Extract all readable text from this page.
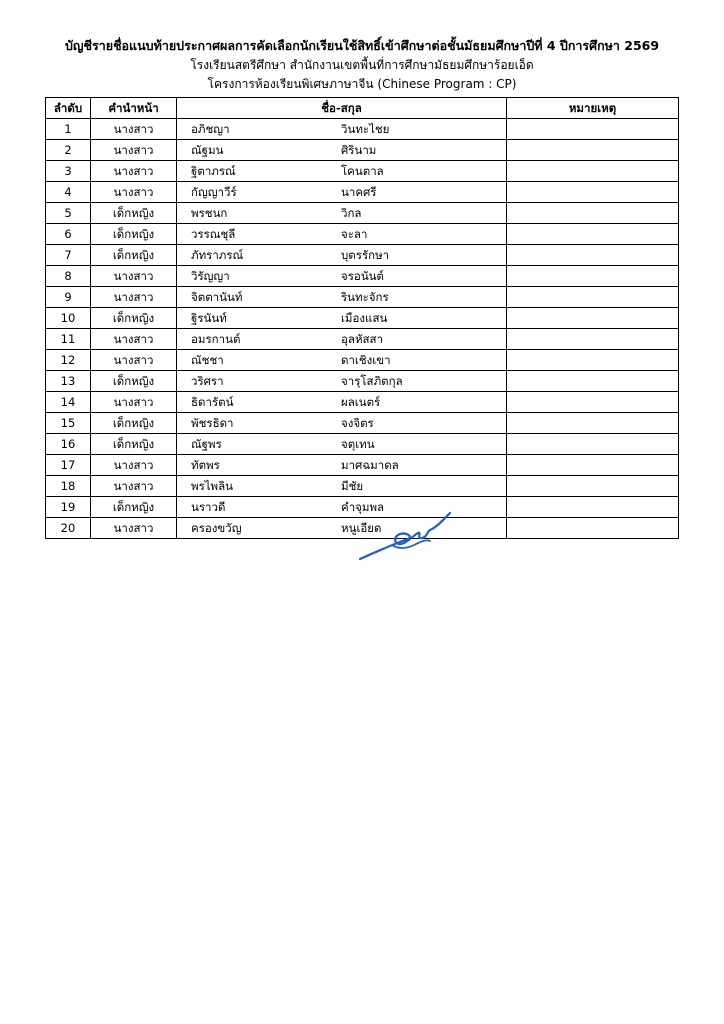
บัญชีรายชื่อแนบท้ายประกาศผลการคัดเลือกนักเรียนใช้สิทธิ์เข้าศึกษาต่อชั้นมัธยมศึกษาปีที่ 4 ปีการศึกษา 2569
โรงเรียนสตรีศึกษา สำนักงานเขตพื้นที่การศึกษามัธยมศึกษาร้อยเอ็ด
โครงการห้องเรียนพิเศษภาษาจีน (Chinese Program : CP)
ลำดับ	คำนำหน้า	ชื่อ-สกุล	หมายเหตุ
1	นางสาว	อภิชญา วินทะไชย	
2	นางสาว	ณัฐมน ศิรินาม	
3	นางสาว	ฐิตาภรณ์ โคนตาล	
4	นางสาว	กัญญาวีร์ นาคศรี	
5	เด็กหญิง	พรชนก วิกล	
6	เด็กหญิง	วรรณชุลี จะลา	
7	เด็กหญิง	ภัทราภรณ์ บุตรรักษา	
8	นางสาว	วิรัญญา จรอนันต์	
9	นางสาว	จิตตานันท์ รินทะจักร	
10	เด็กหญิง	ฐิรนันท์ เมืองแสน	
11	นางสาว	อมรกานต์ อุลหัสสา	
12	นางสาว	ณัชชา ดาเชิงเขา	
13	เด็กหญิง	วริศรา จารุโสภิตกุล	
14	นางสาว	ธิดารัตน์ ผลเนตร์	
15	เด็กหญิง	พัชรธิดา จงจิตร	
16	เด็กหญิง	ณัฐพร จตุเทน	
17	นางสาว	ทัตพร มาศฉมาดล	
18	นางสาว	พรไพลิน มีชัย	
19	เด็กหญิง	นราวดี คำจุมพล	
20	นางสาว	ครองขวัญ หนูเอียด	
